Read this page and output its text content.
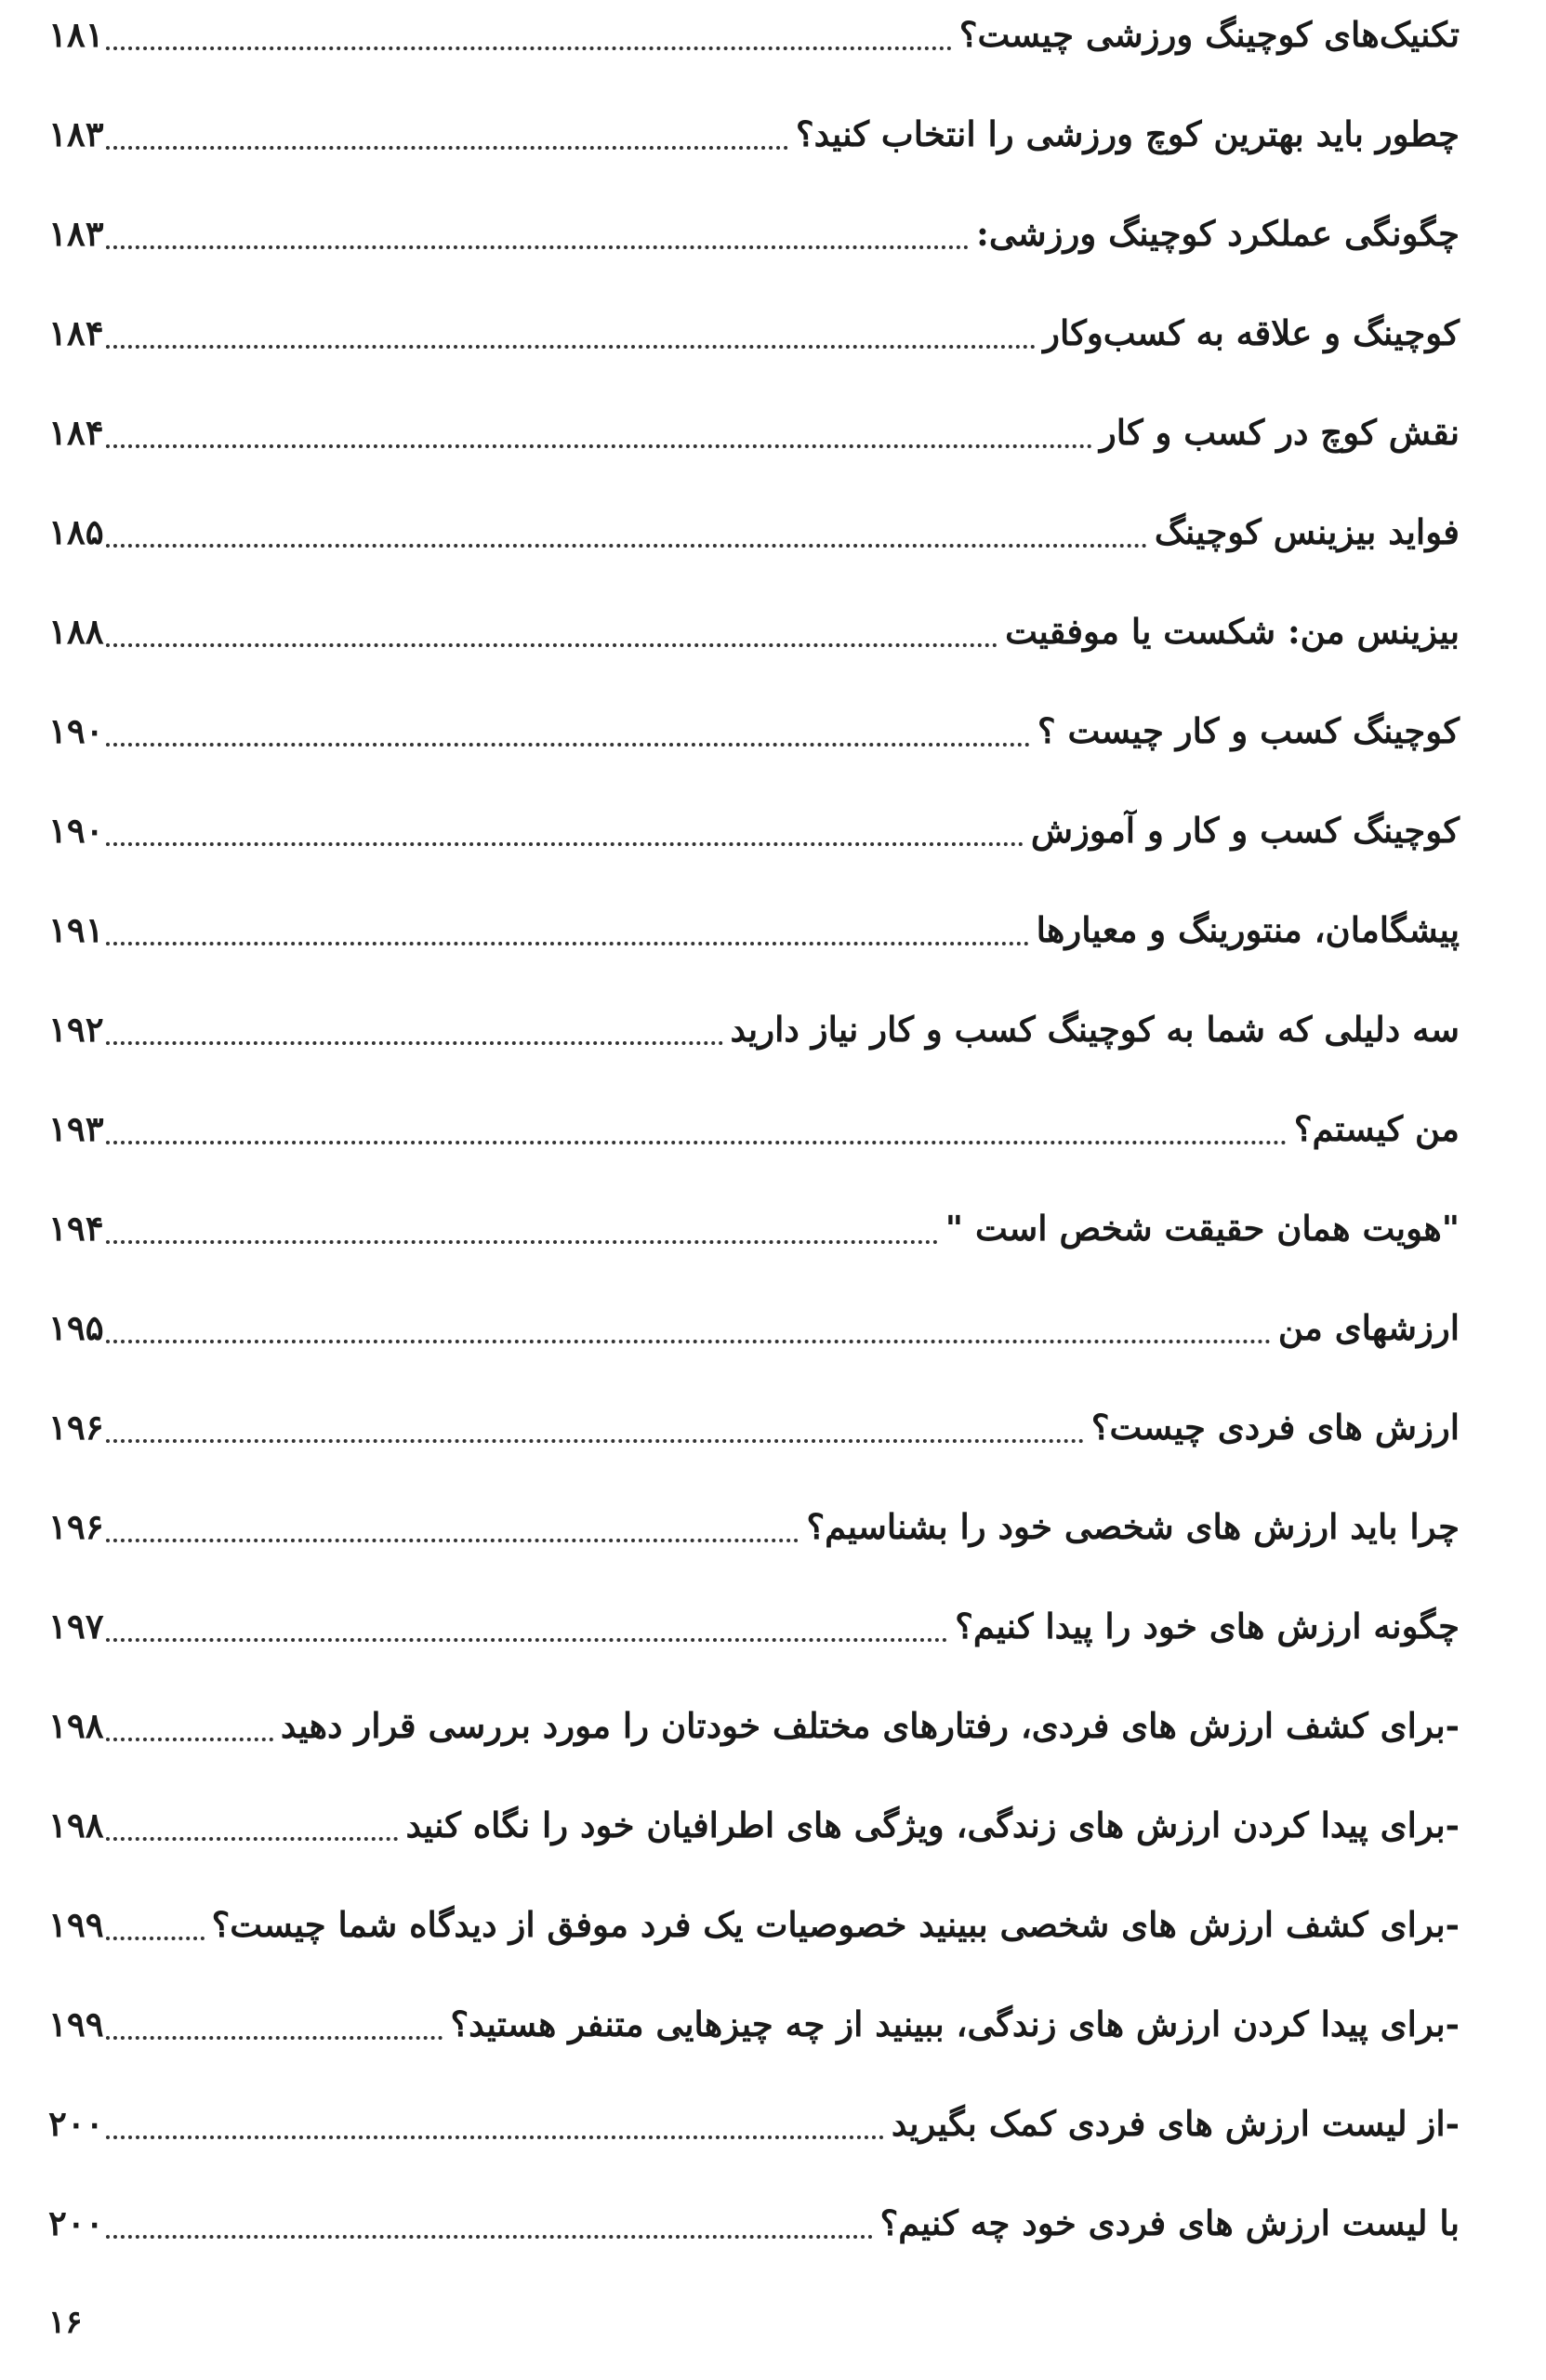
تکنیک‌های کوچینگ ورزشی چیست؟
۱۸۱
چطور باید بهترین کوچ ورزشی را انتخاب کنید؟
۱۸۳
چگونگی عملکرد کوچینگ ورزشی:
۱۸۳
کوچینگ و علاقه به کسب‌و‌کار
۱۸۴
نقش کوچ در کسب و کار
۱۸۴
فواید بیزینس کوچینگ
۱۸۵
بیزینس من: شکست یا موفقیت
۱۸۸
کوچینگ کسب و کار چیست ؟
۱۹۰
کوچینگ کسب و کار و آموزش
۱۹۰
پیشگامان، منتورینگ و معیارها
۱۹۱
سه دلیلی که شما به کوچینگ کسب و کار نیاز دارید
۱۹۲
من کیستم؟
۱۹۳
"هویت همان حقیقت شخص است "
۱۹۴
ارزشهای من
۱۹۵
ارزش های فردی چیست؟
۱۹۶
چرا باید ارزش های شخصی خود را بشناسیم؟
۱۹۶
چگونه ارزش های خود را پیدا کنیم؟
۱۹۷
-برای کشف ارزش های فردی، رفتارهای مختلف خودتان را مورد بررسی قرار دهید
۱۹۸
-برای پیدا کردن ارزش های زندگی، ویژگی های اطرافیان خود را نگاه کنید
۱۹۸
-برای کشف ارزش های شخصی ببینید خصوصیات یک فرد موفق از دیدگاه شما چیست؟
۱۹۹
-برای پیدا کردن ارزش های زندگی، ببینید از چه چیزهایی متنفر هستید؟
۱۹۹
-از لیست ارزش های فردی کمک بگیرید
۲۰۰
با لیست ارزش های فردی خود چه کنیم؟
۲۰۰
۱۶
